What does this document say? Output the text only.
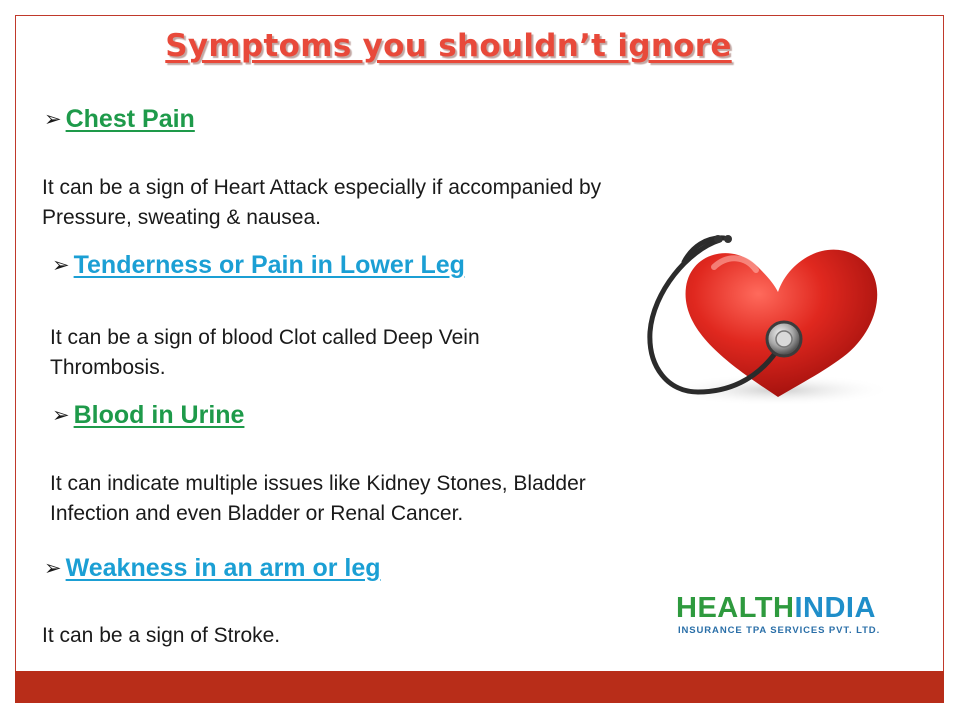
Symptoms you shouldn’t ignore
➢ Chest Pain
It can be a sign of Heart Attack especially if accompanied by
Pressure, sweating & nausea.
➢ Tenderness or Pain in Lower Leg
It can be a sign of blood Clot called Deep Vein
Thrombosis.
➢ Blood in Urine
It can indicate multiple issues like Kidney Stones, Bladder
Infection and even Bladder or Renal Cancer.
➢ Weakness in an arm or leg
It can be a sign of Stroke.
HEALTHINDIA
INSURANCE TPA SERVICES PVT. LTD.
